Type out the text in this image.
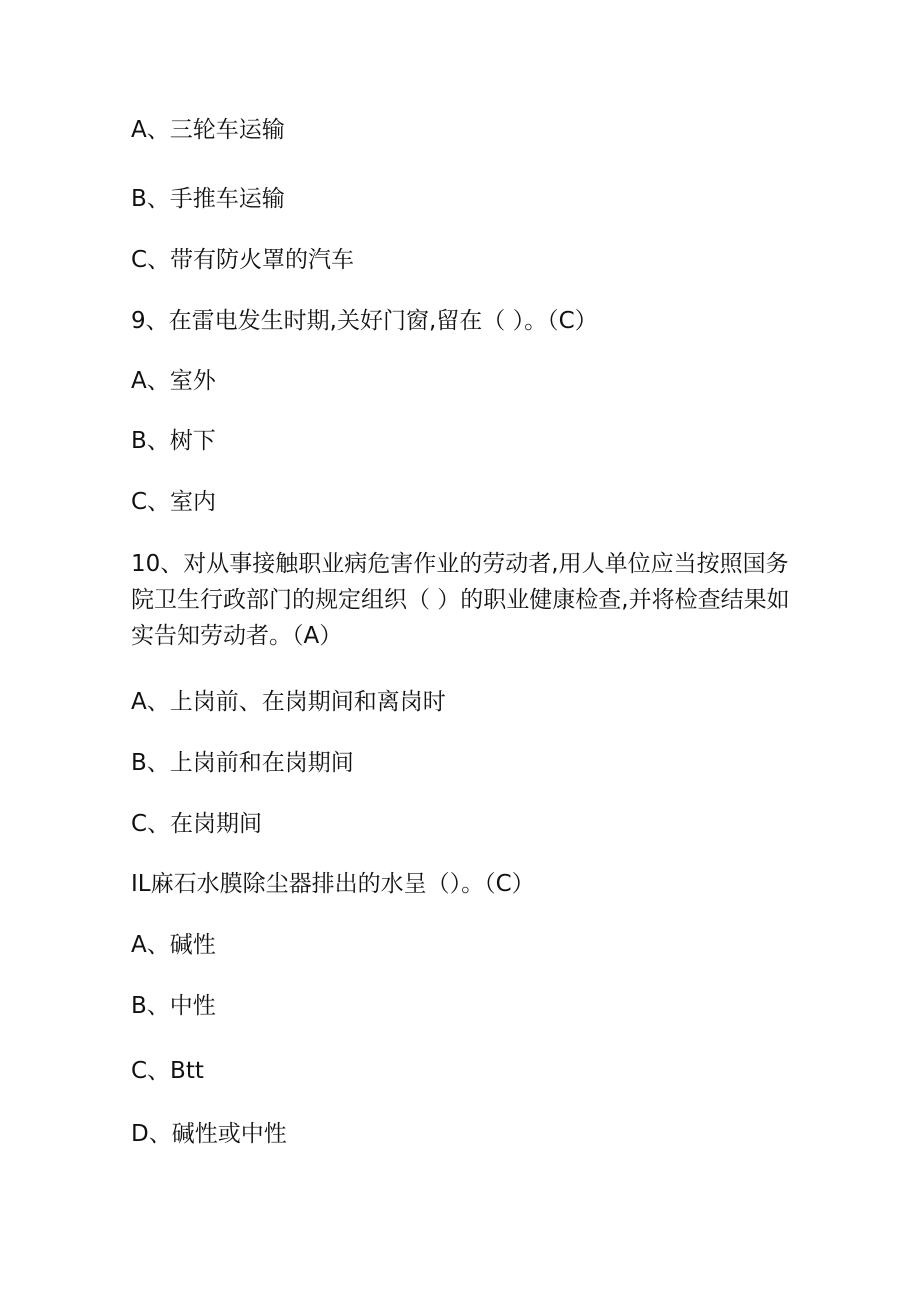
A、三轮车运输
B、手推车运输
C、带有防火罩的汽车
9、在雷电发生时期,关好门窗,留在（ ）。（C）
A、室外
B、树下
C、室内
10、对从事接触职业病危害作业的劳动者,用人单位应当按照国务
院卫生行政部门的规定组织（ ）的职业健康检查,并将检查结果如
实告知劳动者。（A）
A、上岗前、在岗期间和离岗时
B、上岗前和在岗期间
C、在岗期间
IL麻石水膜除尘器排出的水呈（）。（C）
A、碱性
B、中性
C、Btt
D、碱性或中性
